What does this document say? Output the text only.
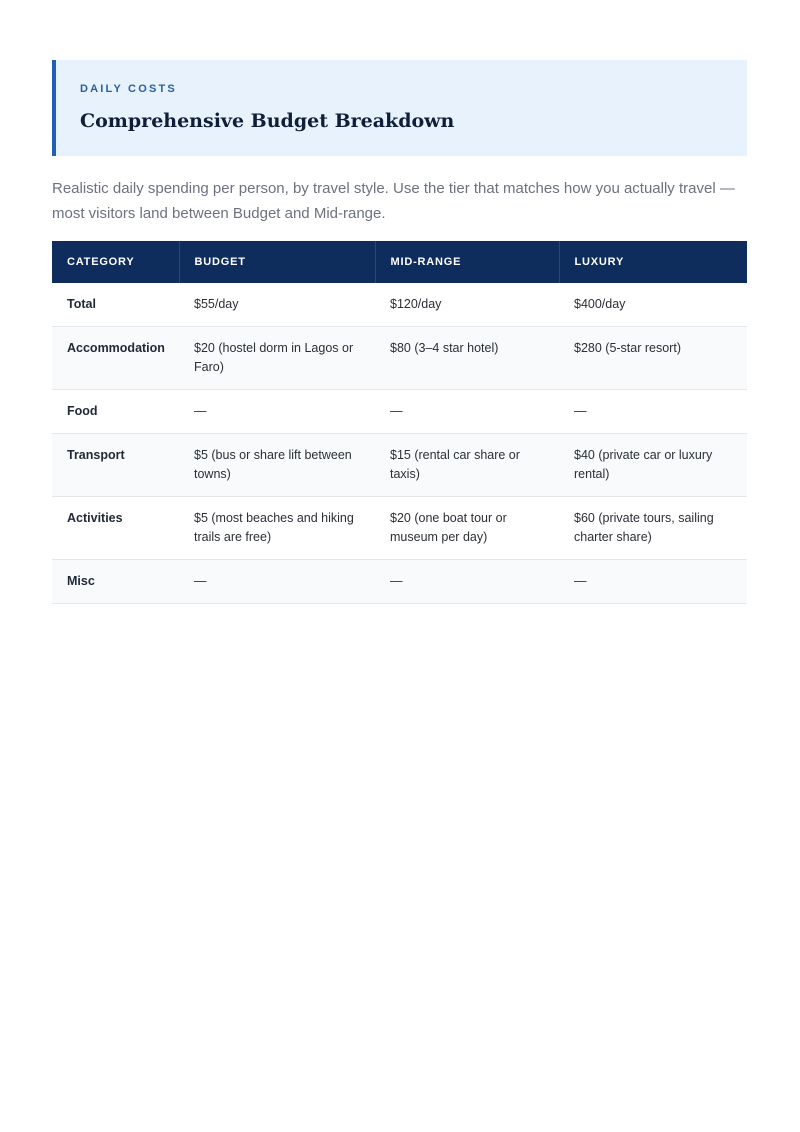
DAILY COSTS
Comprehensive Budget Breakdown
Realistic daily spending per person, by travel style. Use the tier that matches how you actually travel — most visitors land between Budget and Mid-range.
CATEGORY	BUDGET	MID-RANGE	LUXURY
Total	$55/day	$120/day	$400/day
Accommodation	$20 (hostel dorm in Lagos or Faro)	$80 (3–4 star hotel)	$280 (5-star resort)
Food	—	—	—
Transport	$5 (bus or share lift between towns)	$15 (rental car share or taxis)	$40 (private car or luxury rental)
Activities	$5 (most beaches and hiking trails are free)	$20 (one boat tour or museum per day)	$60 (private tours, sailing charter share)
Misc	—	—	—
